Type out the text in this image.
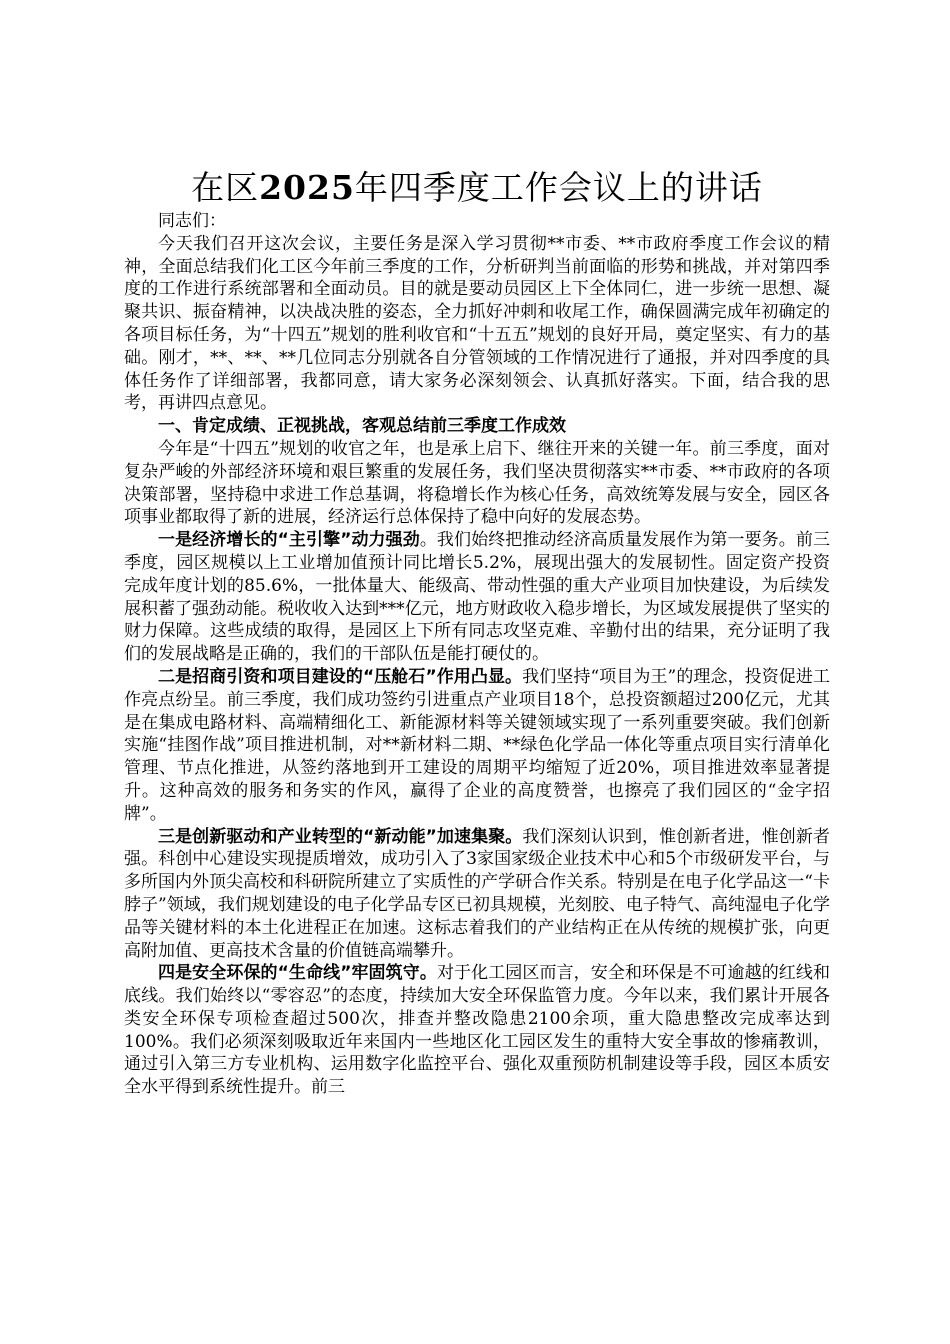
在区2025年四季度工作会议上的讲话

同志们：

今天我们召开这次会议，主要任务是深入学习贯彻**市委、**市政府季度工作会议的精神，全面总结我们化工区今年前三季度的工作，分析研判当前面临的形势和挑战，并对第四季度的工作进行系统部署和全面动员。目的就是要动员园区上下全体同仁，进一步统一思想、凝聚共识、振奋精神，以决战决胜的姿态，全力抓好冲刺和收尾工作，确保圆满完成年初确定的各项目标任务，为“十四五”规划的胜利收官和“十五五”规划的良好开局，奠定坚实、有力的基础。刚才，**、**、**几位同志分别就各自分管领域的工作情况进行了通报，并对四季度的具体任务作了详细部署，我都同意，请大家务必深刻领会、认真抓好落实。下面，结合我的思考，再讲四点意见。

一、肯定成绩、正视挑战，客观总结前三季度工作成效

今年是“十四五”规划的收官之年，也是承上启下、继往开来的关键一年。前三季度，面对复杂严峻的外部经济环境和艰巨繁重的发展任务，我们坚决贯彻落实**市委、**市政府的各项决策部署，坚持稳中求进工作总基调，将稳增长作为核心任务，高效统筹发展与安全，园区各项事业都取得了新的进展，经济运行总体保持了稳中向好的发展态势。

一是经济增长的“主引擎”动力强劲。我们始终把推动经济高质量发展作为第一要务。前三季度，园区规模以上工业增加值预计同比增长5.2%，展现出强大的发展韧性。固定资产投资完成年度计划的85.6%，一批体量大、能级高、带动性强的重大产业项目加快建设，为后续发展积蓄了强劲动能。税收收入达到***亿元，地方财政收入稳步增长，为区域发展提供了坚实的财力保障。这些成绩的取得，是园区上下所有同志攻坚克难、辛勤付出的结果，充分证明了我们的发展战略是正确的，我们的干部队伍是能打硬仗的。

二是招商引资和项目建设的“压舱石”作用凸显。我们坚持“项目为王”的理念，投资促进工作亮点纷呈。前三季度，我们成功签约引进重点产业项目18个，总投资额超过200亿元，尤其是在集成电路材料、高端精细化工、新能源材料等关键领域实现了一系列重要突破。我们创新实施“挂图作战”项目推进机制，对**新材料二期、**绿色化学品一体化等重点项目实行清单化管理、节点化推进，从签约落地到开工建设的周期平均缩短了近20%，项目推进效率显著提升。这种高效的服务和务实的作风，赢得了企业的高度赞誉，也擦亮了我们园区的“金字招牌”。

三是创新驱动和产业转型的“新动能”加速集聚。我们深刻认识到，惟创新者进，惟创新者强。科创中心建设实现提质增效，成功引入了3家国家级企业技术中心和5个市级研发平台，与多所国内外顶尖高校和科研院所建立了实质性的产学研合作关系。特别是在电子化学品这一“卡脖子”领域，我们规划建设的电子化学品专区已初具规模，光刻胶、电子特气、高纯湿电子化学品等关键材料的本土化进程正在加速。这标志着我们的产业结构正在从传统的规模扩张，向更高附加值、更高技术含量的价值链高端攀升。

四是安全环保的“生命线”牢固筑守。对于化工园区而言，安全和环保是不可逾越的红线和底线。我们始终以“零容忍”的态度，持续加大安全环保监管力度。今年以来，我们累计开展各类安全环保专项检查超过500次，排查并整改隐患2100余项，重大隐患整改完成率达到100%。我们必须深刻吸取近年来国内一些地区化工园区发生的重特大安全事故的惨痛教训，通过引入第三方专业机构、运用数字化监控平台、强化双重预防机制建设等手段，园区本质安全水平得到系统性提升。前三
